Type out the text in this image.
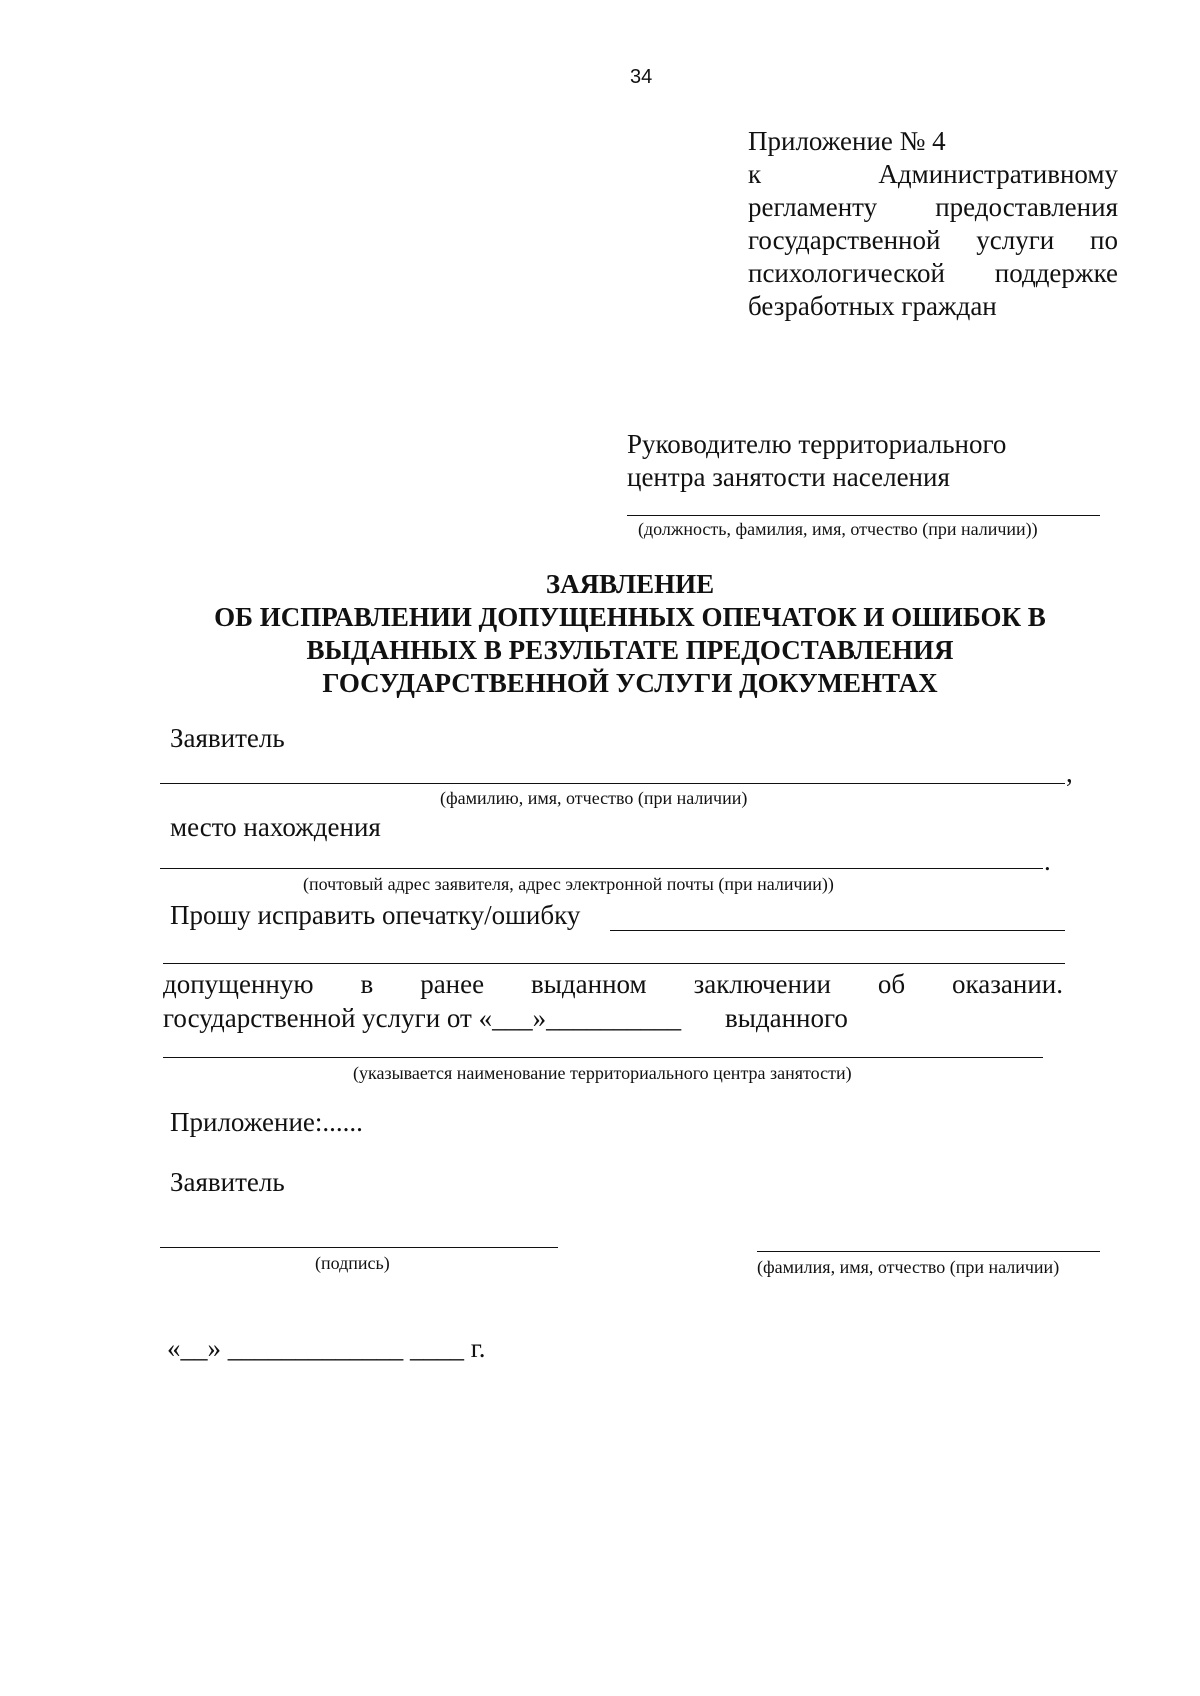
34
Приложение № 4
к	Административному
регламенту предоставления
государственной услуги по
психологической поддержке
безработных граждан
Руководителю территориального
центра занятости населения
(должность, фамилия, имя, отчество (при наличии))
ЗАЯВЛЕНИЕ
ОБ ИСПРАВЛЕНИИ ДОПУЩЕННЫХ ОПЕЧАТОК И ОШИБОК В
ВЫДАННЫХ В РЕЗУЛЬТАТЕ ПРЕДОСТАВЛЕНИЯ
ГОСУДАРСТВЕННОЙ УСЛУГИ ДОКУМЕНТАХ
Заявитель
,
(фамилию, имя, отчество (при наличии)
место нахождения
.
(почтовый адрес заявителя, адрес электронной почты (при наличии))
Прошу исправить опечатку/ошибку
допущенную в ранее выданном заключении об оказании.
государственной услуги от «___»__________ выданного
(указывается наименование территориального центра занятости)
Приложение:......
Заявитель
(подпись)	(фамилия, имя, отчество (при наличии)
«__» _____________ ____ г.
